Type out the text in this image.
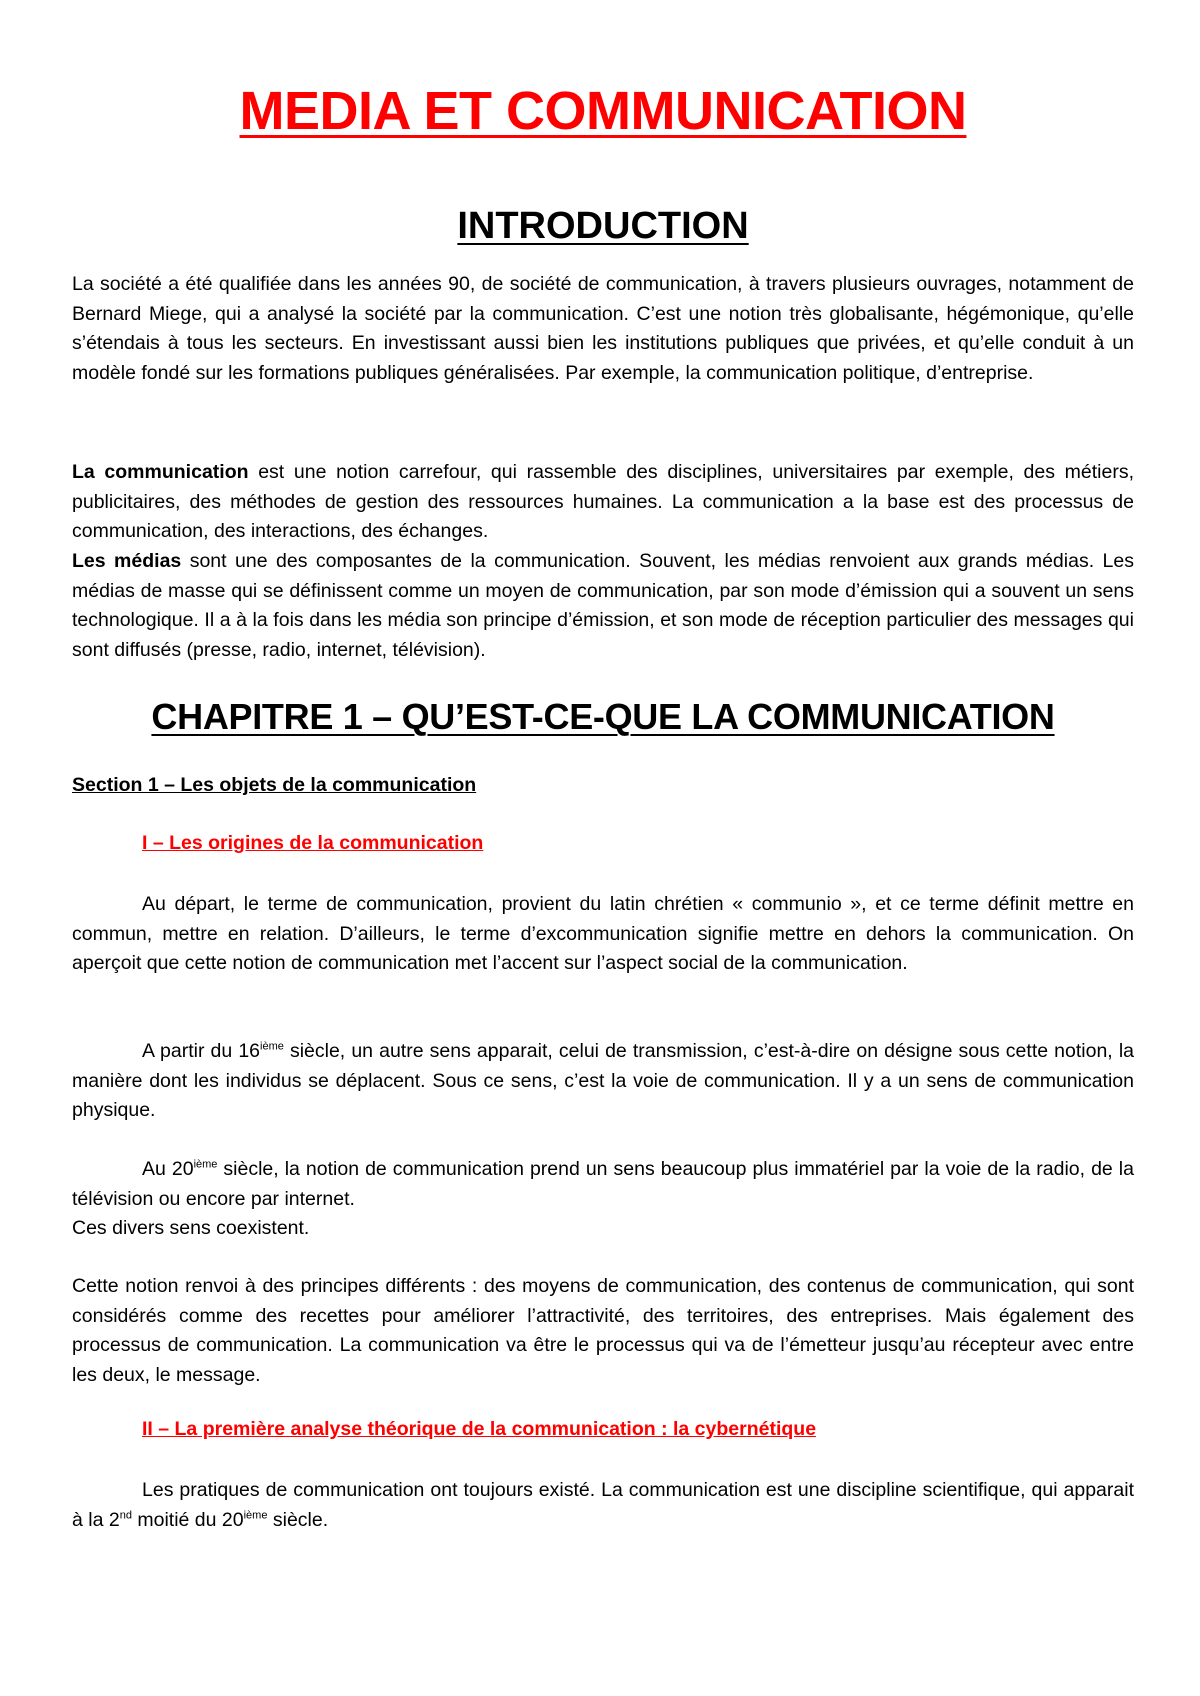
MEDIA ET COMMUNICATION
INTRODUCTION

La société a été qualifiée dans les années 90, de société de communication, à travers plusieurs ouvrages, notamment de Bernard Miege, qui a analysé la société par la communication. C’est une notion très globalisante, hégémonique, qu’elle s’étendais à tous les secteurs. En investissant aussi bien les institutions publiques que privées, et qu’elle conduit à un modèle fondé sur les formations publiques généralisées. Par exemple, la communication politique, d’entreprise.

La communication est une notion carrefour, qui rassemble des disciplines, universitaires par exemple, des métiers, publicitaires, des méthodes de gestion des ressources humaines. La communication a la base est des processus de communication, des interactions, des échanges.

Les médias sont une des composantes de la communication. Souvent, les médias renvoient aux grands médias. Les médias de masse qui se définissent comme un moyen de communication, par son mode d’émission qui a souvent un sens technologique. Il a à la fois dans les média son principe d’émission, et son mode de réception particulier des messages qui sont diffusés (presse, radio, internet, télévision).

CHAPITRE 1 – QU’EST-CE-QUE LA COMMUNICATION
Section 1 – Les objets de la communication
I – Les origines de la communication

Au départ, le terme de communication, provient du latin chrétien « communio », et ce terme définit mettre en commun, mettre en relation. D’ailleurs, le terme d’excommunication signifie mettre en dehors la communication. On aperçoit que cette notion de communication met l’accent sur l’aspect social de la communication.

A partir du 16ième siècle, un autre sens apparait, celui de transmission, c’est-à-dire on désigne sous cette notion, la manière dont les individus se déplacent. Sous ce sens, c’est la voie de communication. Il y a un sens de communication physique.

Au 20ième siècle, la notion de communication prend un sens beaucoup plus immatériel par la voie de la radio, de la télévision ou encore par internet.

Ces divers sens coexistent.

Cette notion renvoi à des principes différents : des moyens de communication, des contenus de communication, qui sont considérés comme des recettes pour améliorer l’attractivité, des territoires, des entreprises. Mais également des processus de communication. La communication va être le processus qui va de l’émetteur jusqu’au récepteur avec entre les deux, le message.

II – La première analyse théorique de la communication : la cybernétique

Les pratiques de communication ont toujours existé. La communication est une discipline scientifique, qui apparait à la 2nd moitié du 20ième siècle.
